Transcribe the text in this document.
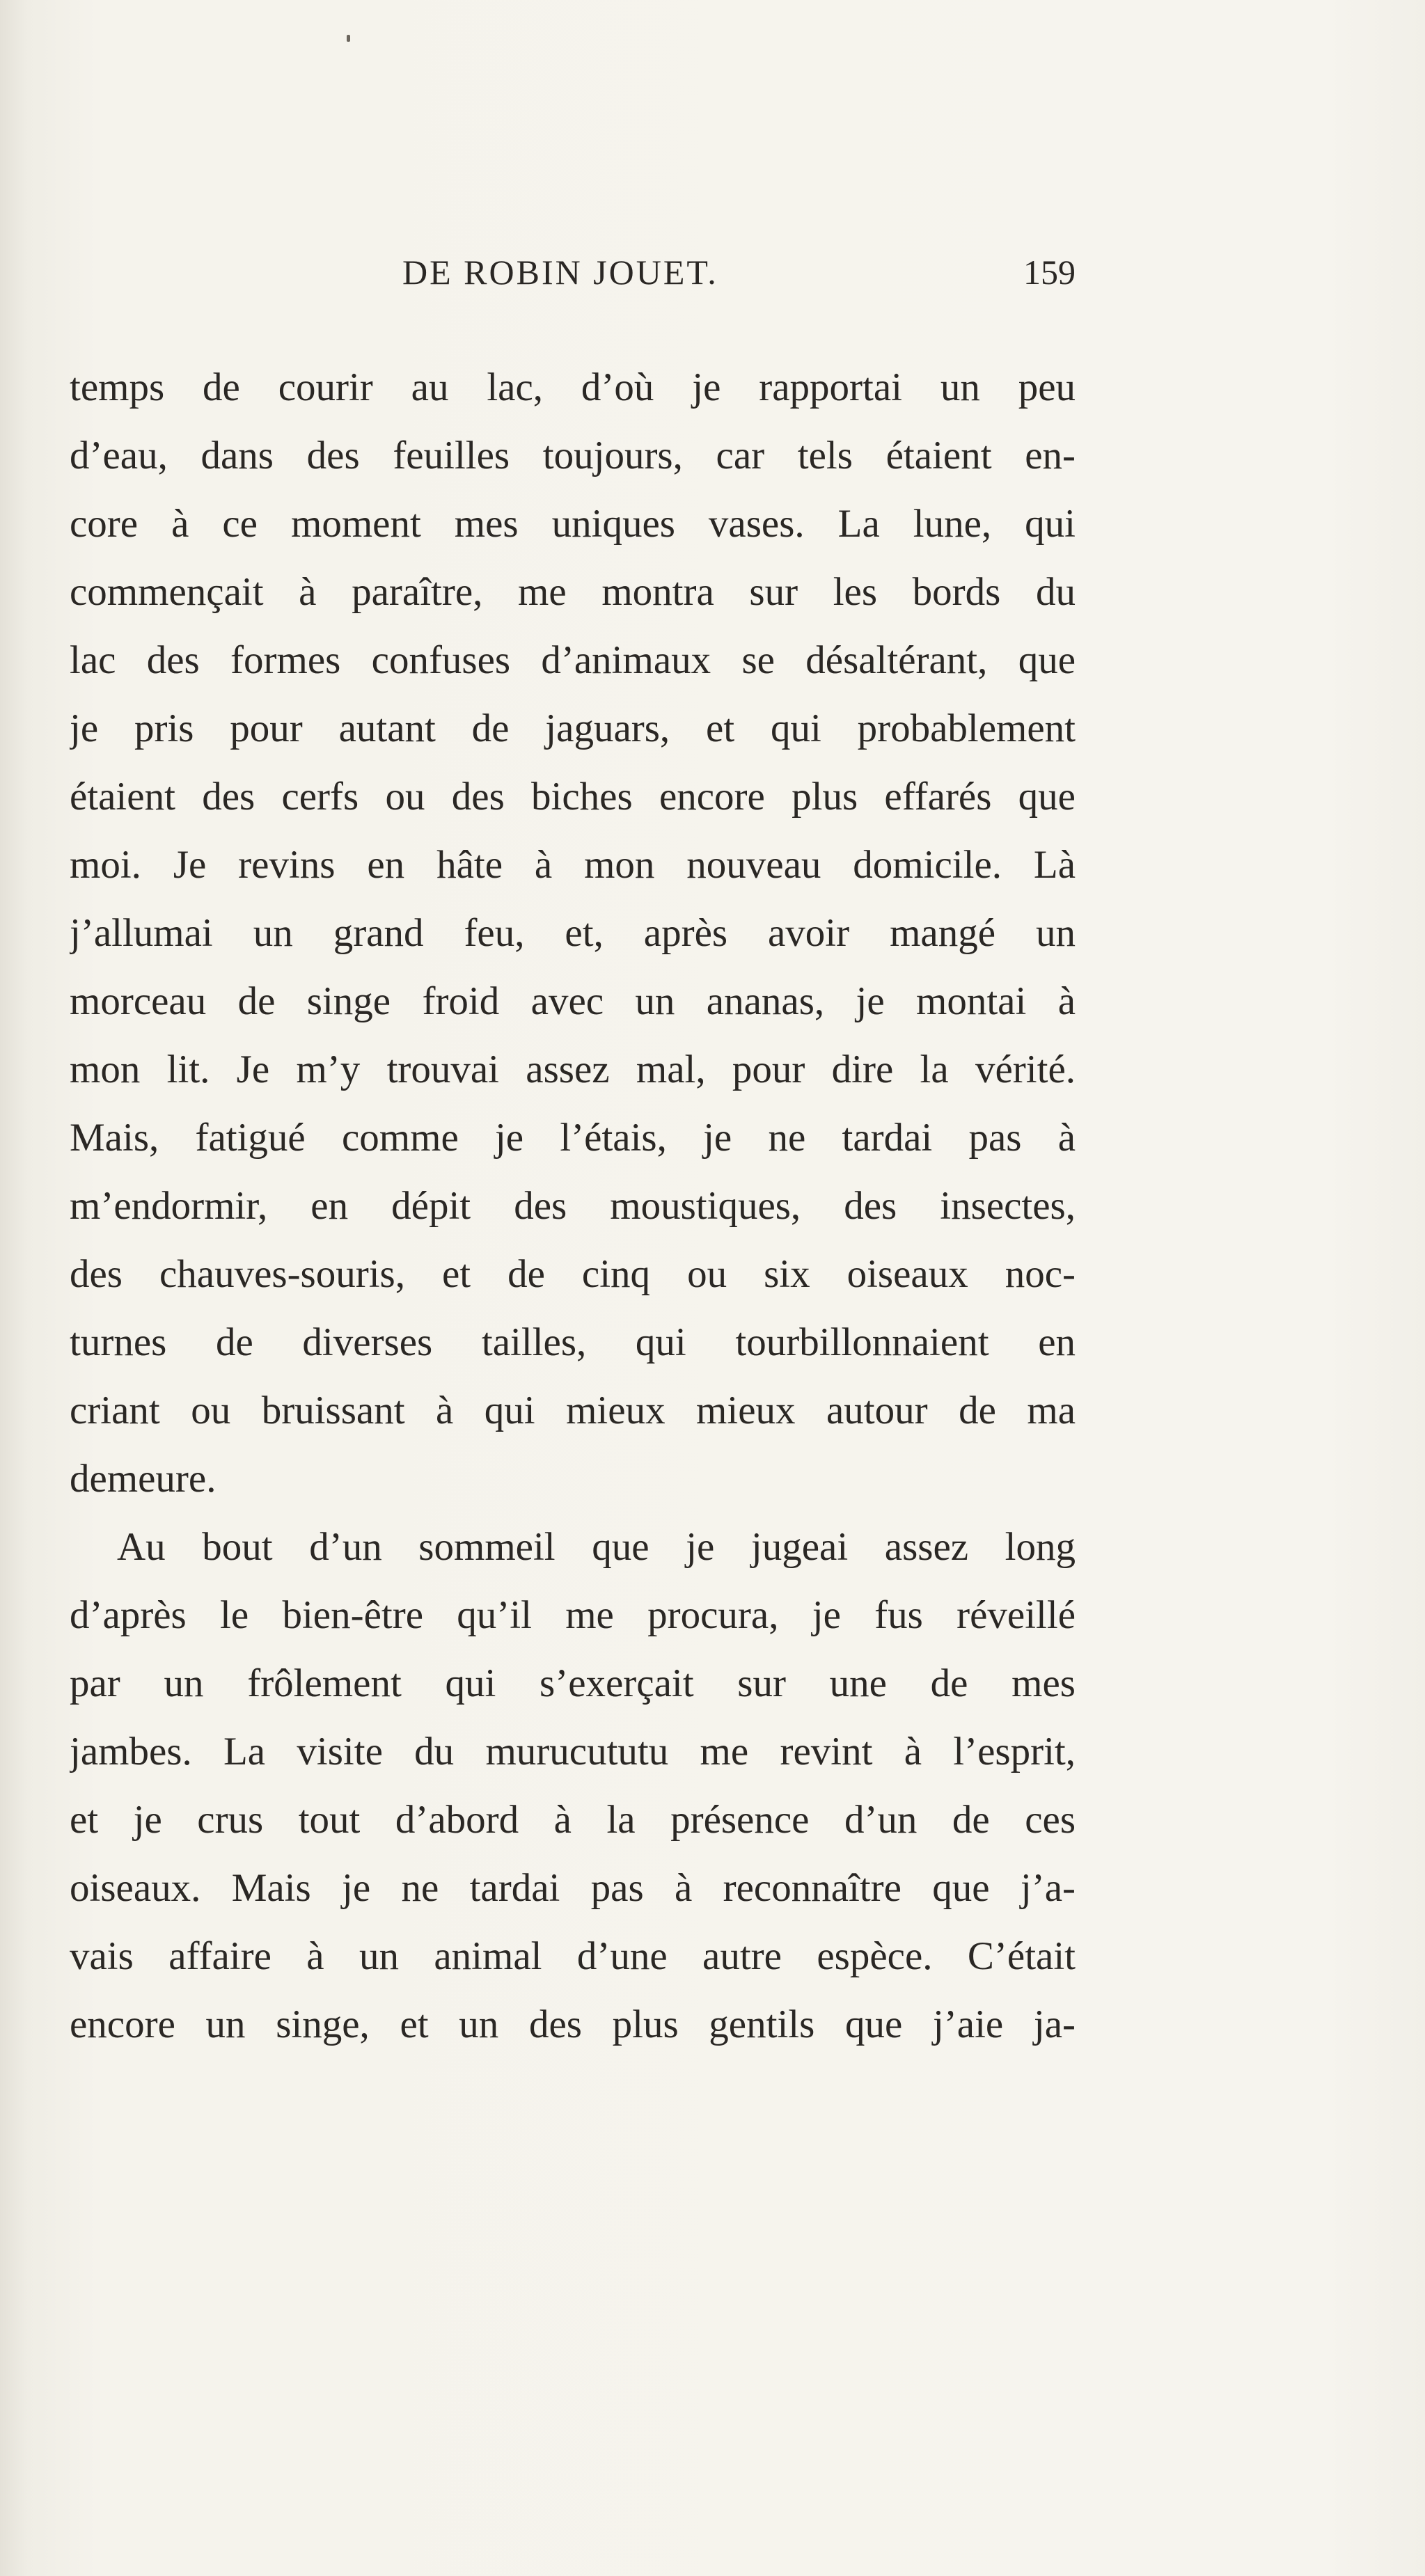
DE ROBIN JOUET.	159
temps de courir au lac, d’où je rapportai un peu
d’eau, dans des feuilles toujours, car tels étaient en-
core à ce moment mes uniques vases. La lune, qui
commençait à paraître, me montra sur les bords du
lac des formes confuses d’animaux se désaltérant, que
je pris pour autant de jaguars, et qui probablement
étaient des cerfs ou des biches encore plus effarés que
moi. Je revins en hâte à mon nouveau domicile. Là
j’allumai un grand feu, et, après avoir mangé un
morceau de singe froid avec un ananas, je montai à
mon lit. Je m’y trouvai assez mal, pour dire la vérité.
Mais, fatigué comme je l’étais, je ne tardai pas à
m’endormir, en dépit des moustiques, des insectes,
des chauves-souris, et de cinq ou six oiseaux noc-
turnes de diverses tailles, qui tourbillonnaient en
criant ou bruissant à qui mieux mieux autour de ma
demeure.
Au bout d’un sommeil que je jugeai assez long
d’après le bien-être qu’il me procura, je fus réveillé
par un frôlement qui s’exerçait sur une de mes
jambes. La visite du murucututu me revint à l’esprit,
et je crus tout d’abord à la présence d’un de ces
oiseaux. Mais je ne tardai pas à reconnaître que j’a-
vais affaire à un animal d’une autre espèce. C’était
encore un singe, et un des plus gentils que j’aie ja-
